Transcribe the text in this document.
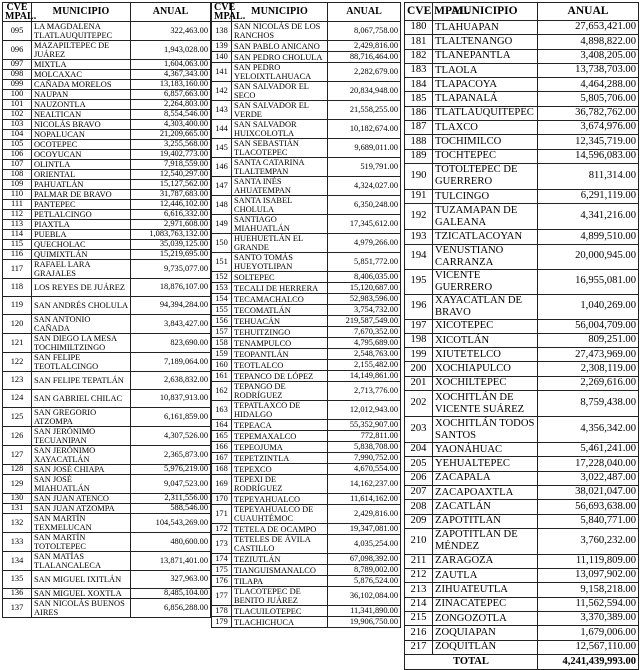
CVE MPAL.	MUNICIPIO	ANUAL
095	LA MAGDALENA TLATLAUQUITEPEC	322,463.00
096	MAZAPILTEPEC DE JUÁREZ	1,943,028.00
097	MIXTLA	1,604,063.00
098	MOLCAXAC	4,367,343.00
099	CAÑADA MORELOS	13,183,160.00
100	NAUPAN	6,857,663.00
101	NAUZONTLA	2,264,803.00
102	NEALTICAN	8,554,546.00
103	NICOLÁS BRAVO	4,303,400.00
104	NOPALUCAN	21,209,665.00
105	OCOTEPEC	3,255,568.00
106	OCOYUCAN	19,402,773.00
107	OLINTLA	7,918,559.00
108	ORIENTAL	12,540,297.00
109	PAHUATLÁN	15,127,562.00
110	PALMAR DE BRAVO	31,787,683.00
111	PANTEPEC	12,446,102.00
112	PETLALCINGO	6,616,332.00
113	PIAXTLA	2,971,608.00
114	PUEBLA	1,083,763,132.00
115	QUECHOLAC	35,039,125.00
116	QUIMIXTLÁN	15,219,695.00
117	RAFAEL LARA GRAJALES	9,735,077.00
118	LOS REYES DE JUÁREZ	18,876,107.00
119	SAN ANDRÉS CHOLULA	94,394,284.00
120	SAN ANTONIO CAÑADA	3,843,427.00
121	SAN DIEGO LA MESA TOCHIMILTZINGO	823,690.00
122	SAN FELIPE TEOTLALCINGO	7,189,064.00
123	SAN FELIPE TEPATLÁN	2,638,832.00
124	SAN GABRIEL CHILAC	10,837,913.00
125	SAN GREGORIO ATZOMPA	6,161,859.00
126	SAN JERÓNIMO TECUANIPAN	4,307,526.00
127	SAN JERÓNIMO XAYACATLÁN	2,365,873.00
128	SAN JOSÉ CHIAPA	5,976,219.00
129	SAN JOSÉ MIAHUATLÁN	9,047,523.00
130	SAN JUAN ATENCO	2,311,556.00
131	SAN JUAN ATZOMPA	588,546.00
132	SAN MARTÍN TEXMELUCAN	104,543,269.00
133	SAN MARTÍN TOTOLTEPEC	480,600.00
134	SAN MATÍAS TLALANCALECA	13,871,401.00
135	SAN MIGUEL IXITLÁN	327,963.00
136	SAN MIGUEL XOXTLA	8,485,104.00
137	SAN NICOLÁS BUENOS AIRES	6,856,288.00
CVE MPAL.	MUNICIPIO	ANUAL
138	SAN NICOLÁS DE LOS RANCHOS	8,067,758.00
139	SAN PABLO ANICANO	2,429,816.00
140	SAN PEDRO CHOLULA	88,716,464.00
141	SAN PEDRO YELOIXTLAHUACA	2,282,679.00
142	SAN SALVADOR EL SECO	20,834,948.00
143	SAN SALVADOR EL VERDE	21,558,255.00
144	SAN SALVADOR HUIXCOLOTLA	10,182,674.00
145	SAN SEBASTIÁN TLACOTEPEC	9,689,011.00
146	SANTA CATARINA TLALTEMPAN	519,791.00
147	SANTA INÉS AHUATEMPAN	4,324,027.00
148	SANTA ISABEL CHOLULA	6,350,248.00
149	SANTIAGO MIAHUATLÁN	17,345,612.00
150	HUEHUETLÁN EL GRANDE	4,979,266.00
151	SANTO TOMÁS HUEYOTLIPAN	5,851,772.00
152	SOLTEPEC	8,406,035.00
153	TECALI DE HERRERA	15,120,687.00
154	TECAMACHALCO	52,983,596.00
155	TECOMATLÁN	3,754,732.00
156	TEHUACÁN	219,587,549.00
157	TEHUITZINGO	7,670,352.00
158	TENAMPULCO	4,795,689.00
159	TEOPANTLÁN	2,548,763.00
160	TEOTLALCO	2,155,482.00
161	TEPANCO DE LÓPEZ	14,149,861.00
162	TEPANGO DE RODRÍGUEZ	2,713,776.00
163	TEPATLAXCO DE HIDALGO	12,012,943.00
164	TEPEACA	55,352,907.00
165	TEPEMAXALCO	772,811.00
166	TEPEOJUMA	5,838,708.00
167	TEPETZINTLA	7,990,752.00
168	TEPEXCO	4,670,554.00
169	TEPEXI DE RODRÍGUEZ	14,162,237.00
170	TEPEYAHUALCO	11,614,162.00
171	TEPEYAHUALCO DE CUAUHTÉMOC	2,429,816.00
172	TETELA DE OCAMPO	19,347,081.00
173	TETELES DE ÁVILA CASTILLO	4,035,254.00
174	TEZIUTLÁN	67,098,392.00
175	TIANGUISMANALCO	8,789,002.00
176	TILAPA	5,876,524.00
177	TLACOTEPEC DE BENITO JUÁREZ	36,102,084.00
178	TLACUILOTEPEC	11,341,890.00
179	TLACHICHUCA	19,906,750.00
CVE MPAL.	MUNICIPIO	ANUAL
180	TLAHUAPAN	27,653,421.00
181	TLALTENANGO	4,898,822.00
182	TLANEPANTLA	3,408,205.00
183	TLAOLA	13,738,703.00
184	TLAPACOYA	4,464,288.00
185	TLAPANALÁ	5,805,706.00
186	TLATLAUQUITEPEC	36,782,762.00
187	TLAXCO	3,674,976.00
188	TOCHIMILCO	12,345,719.00
189	TOCHTEPEC	14,596,083.00
190	TOTOLTEPEC DE GUERRERO	811,314.00
191	TULCINGO	6,291,119.00
192	TUZAMAPAN DE GALEANA	4,341,216.00
193	TZICATLACOYAN	4,899,510.00
194	VENUSTIANO CARRANZA	20,000,945.00
195	VICENTE GUERRERO	16,955,081.00
196	XAYACATLÁN DE BRAVO	1,040,269.00
197	XICOTEPEC	56,004,709.00
198	XICOTLÁN	809,251.00
199	XIUTETELCO	27,473,969.00
200	XOCHIAPULCO	2,308,119.00
201	XOCHILTEPEC	2,269,616.00
202	XOCHITLÁN DE VICENTE SUÁREZ	8,759,438.00
203	XOCHITLÁN TODOS SANTOS	4,356,342.00
204	YAONÁHUAC	5,461,241.00
205	YEHUALTEPEC	17,228,040.00
206	ZACAPALA	3,022,487.00
207	ZACAPOAXTLA	38,021,047.00
208	ZACATLÁN	56,693,638.00
209	ZAPOTITLÁN	5,840,771.00
210	ZAPOTITLÁN DE MÉNDEZ	3,760,232.00
211	ZARAGOZA	11,119,809.00
212	ZAUTLA	13,097,902.00
213	ZIHUATEUTLA	9,158,218.00
214	ZINACATEPEC	11,562,594.00
215	ZONGOZOTLA	3,370,389.00
216	ZOQUIAPAN	1,679,006.00
217	ZOQUITLÁN	12,567,110.00
TOTAL		4,241,439,993.00
